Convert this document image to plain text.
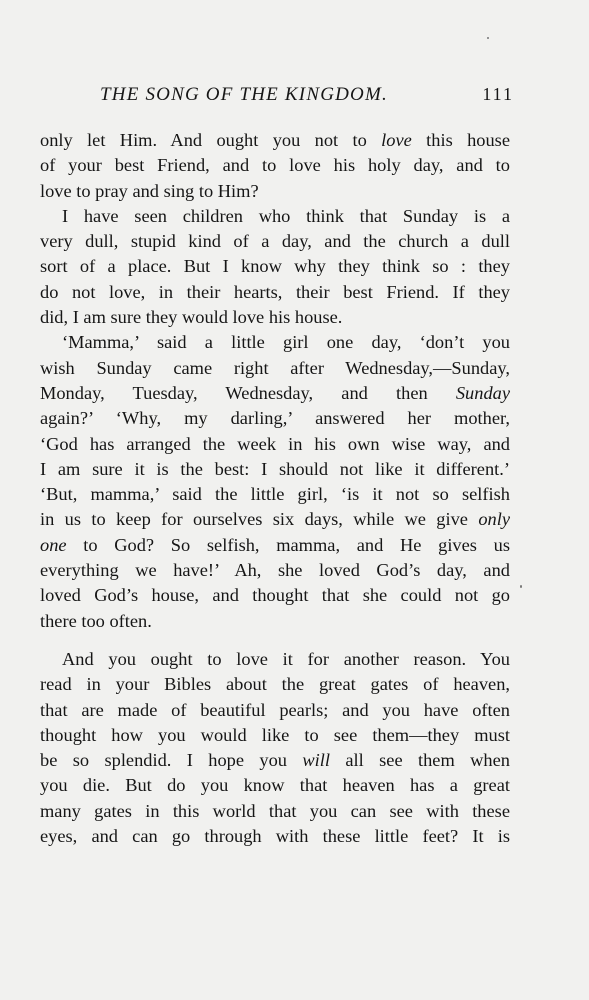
THE SONG OF THE KINGDOM.	111
only let Him. And ought you not to love this house
of your best Friend, and to love his holy day, and to
love to pray and sing to Him?
I have seen children who think that Sunday is a
very dull, stupid kind of a day, and the church a dull
sort of a place. But I know why they think so : they
do not love, in their hearts, their best Friend. If they
did, I am sure they would love his house.
‘Mamma,’ said a little girl one day, ‘don’t you
wish Sunday came right after Wednesday,—Sunday,
Monday, Tuesday, Wednesday, and then Sunday
again?’ ‘Why, my darling,’ answered her mother,
‘God has arranged the week in his own wise way, and
I am sure it is the best: I should not like it different.’
‘But, mamma,’ said the little girl, ‘is it not so selfish
in us to keep for ourselves six days, while we give only
one to God? So selfish, mamma, and He gives us
everything we have!’ Ah, she loved God’s day, and
loved God’s house, and thought that she could not go
there too often.
And you ought to love it for another reason. You
read in your Bibles about the great gates of heaven,
that are made of beautiful pearls; and you have often
thought how you would like to see them—they must
be so splendid. I hope you will all see them when
you die. But do you know that heaven has a great
many gates in this world that you can see with these
eyes, and can go through with these little feet? It is
